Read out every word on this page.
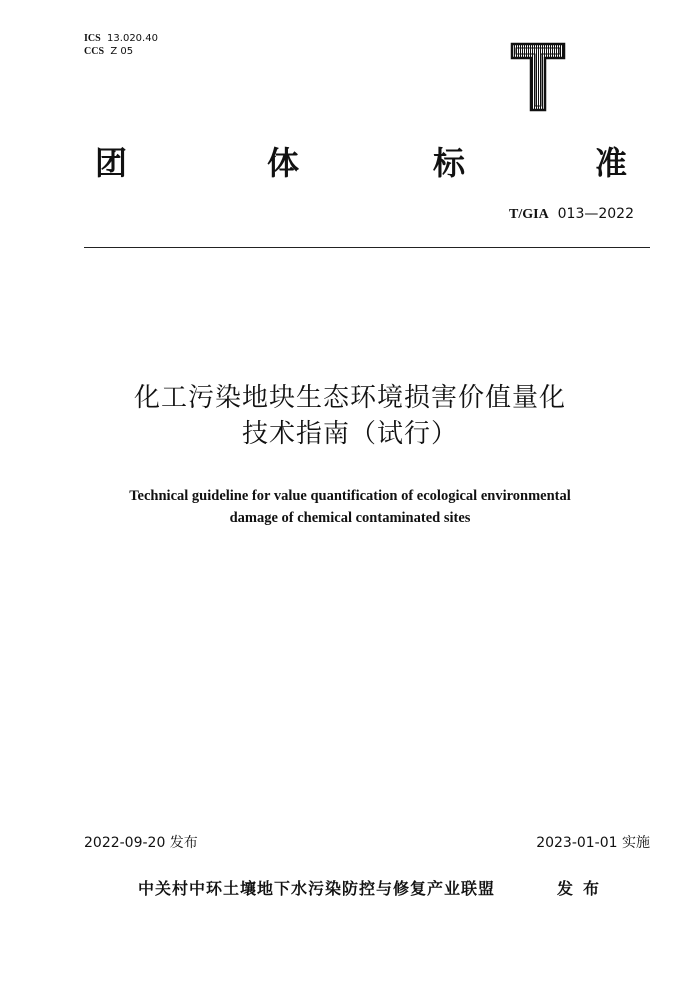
ICS 13.020.40
CCS Z 05
团	体	标	准
T/GIA 013—2022
化工污染地块生态环境损害价值量化
技术指南（试行）
Technical guideline for value quantification of ecological environmental
damage of chemical contaminated sites
2022-09-20 发布	2023-01-01 实施
中关村中环土壤地下水污染防控与修复产业联盟	发布
